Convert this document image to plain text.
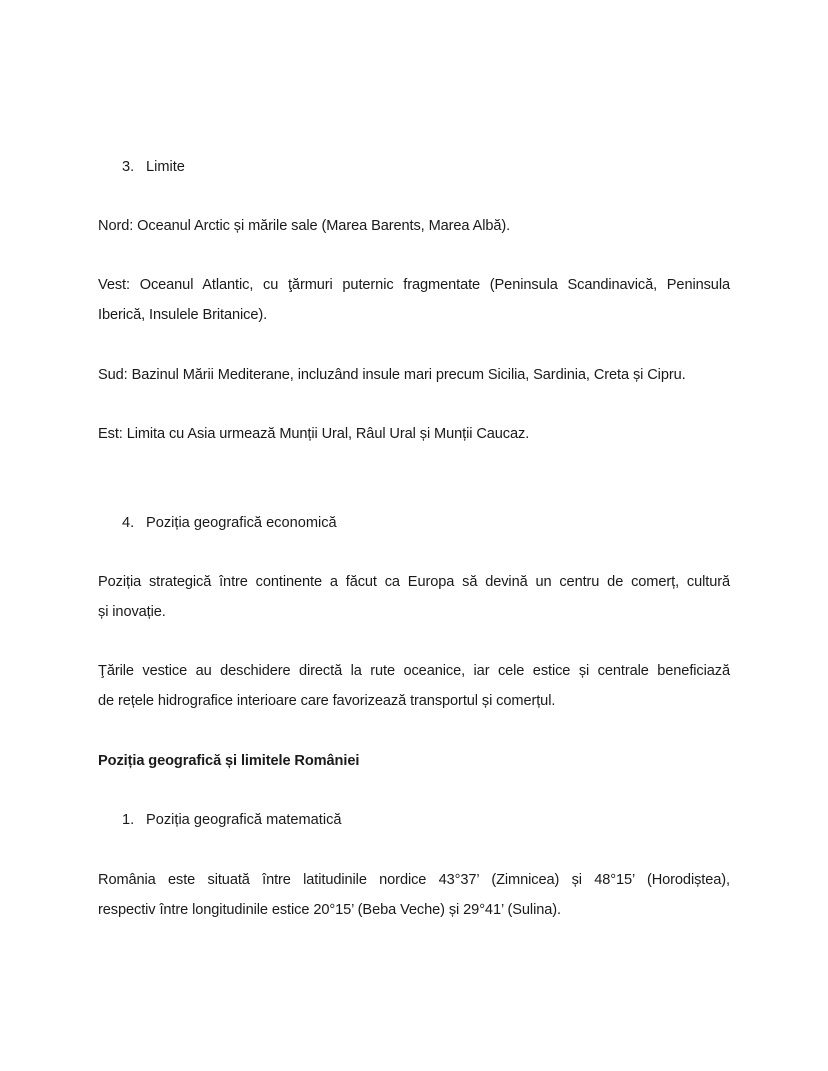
3. Limite
Nord: Oceanul Arctic și mările sale (Marea Barents, Marea Albă).
Vest: Oceanul Atlantic, cu ţărmuri puternic fragmentate (Peninsula Scandinavică, Peninsula
Iberică, Insulele Britanice).
Sud: Bazinul Mării Mediterane, incluzând insule mari precum Sicilia, Sardinia, Creta și Cipru.
Est: Limita cu Asia urmează Munții Ural, Râul Ural și Munții Caucaz.
4. Poziția geografică economică
Poziția strategică între continente a făcut ca Europa să devină un centru de comerț, cultură
și inovație.
Ţările vestice au deschidere directă la rute oceanice, iar cele estice și centrale beneficiază
de rețele hidrografice interioare care favorizează transportul și comerțul.
Poziția geografică și limitele României
1. Poziția geografică matematică
România este situată între latitudinile nordice 43°37’ (Zimnicea) și 48°15’ (Horodiștea),
respectiv între longitudinile estice 20°15’ (Beba Veche) și 29°41’ (Sulina).
